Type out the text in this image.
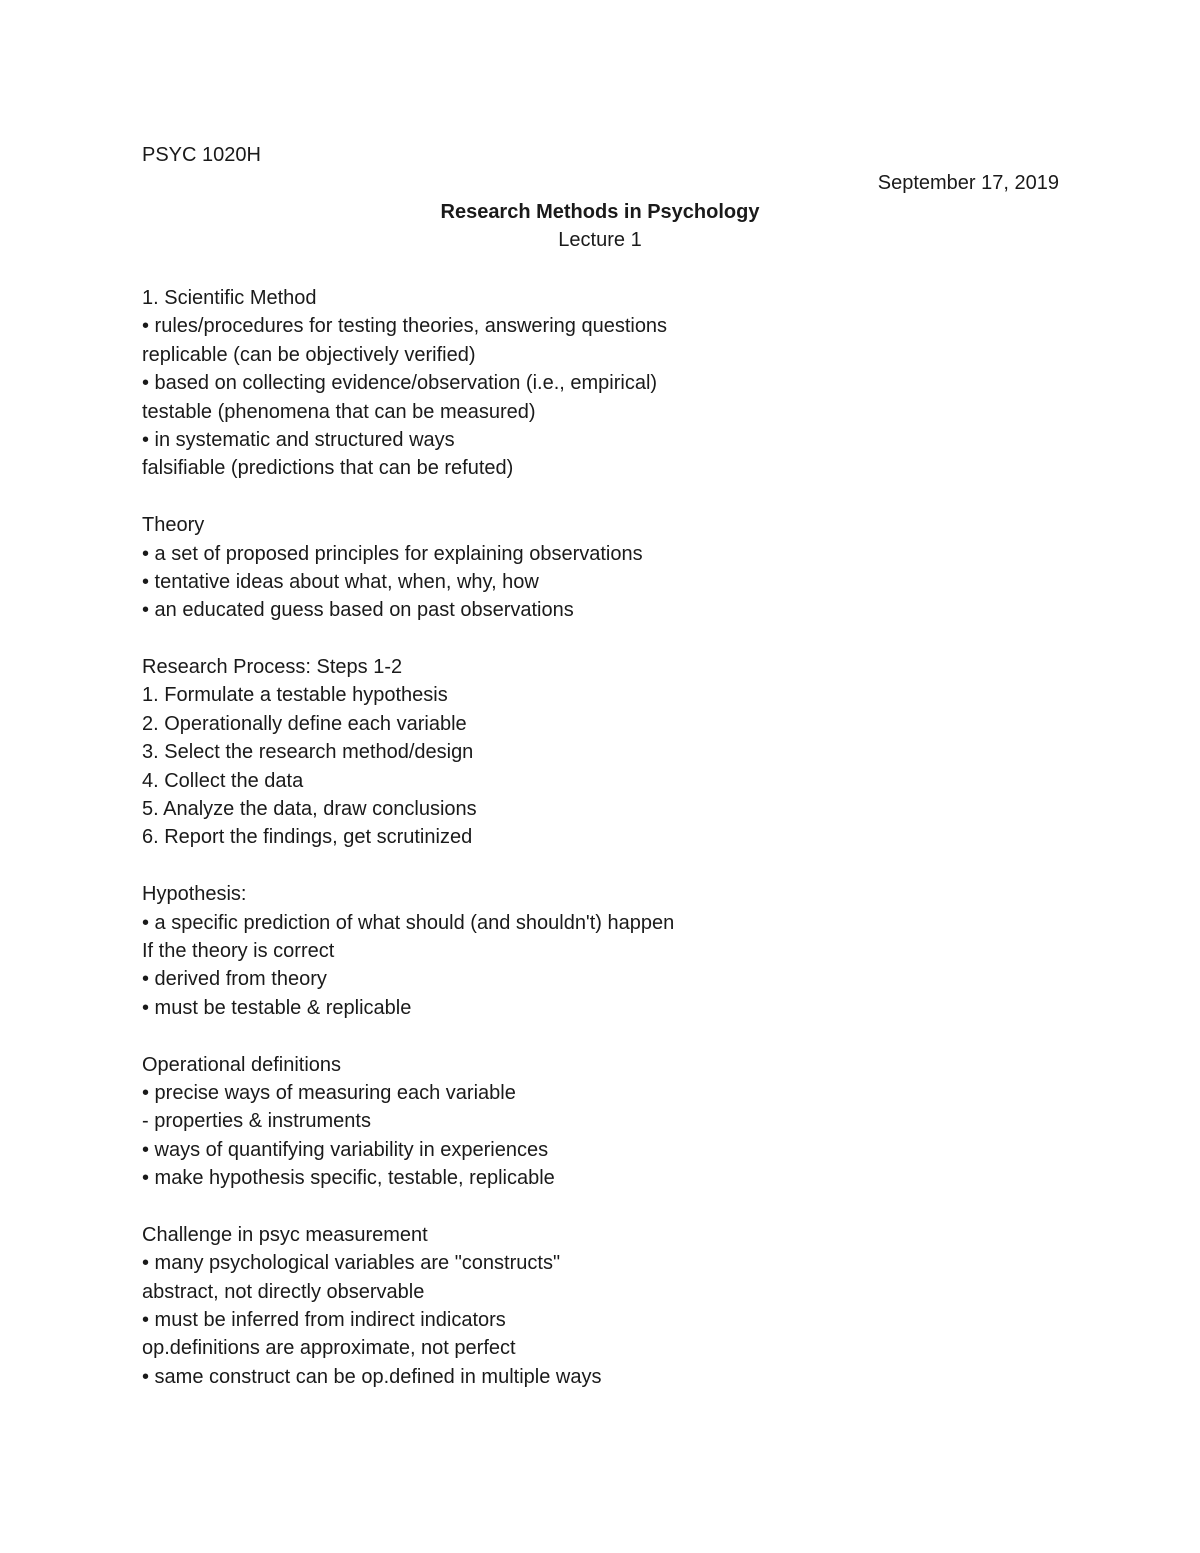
PSYC 1020H
September 17, 2019
Research Methods in Psychology
Lecture 1
1. Scientific Method
• rules/procedures for testing theories, answering questions
replicable (can be objectively verified)
• based on collecting evidence/observation (i.e., empirical)
testable (phenomena that can be measured)
• in systematic and structured ways
falsifiable (predictions that can be refuted)
Theory
• a set of proposed principles for explaining observations
• tentative ideas about what, when, why, how
• an educated guess based on past observations
Research Process: Steps 1-2
1. Formulate a testable hypothesis
2. Operationally define each variable
3. Select the research method/design
4. Collect the data
5. Analyze the data, draw conclusions
6. Report the findings, get scrutinized
Hypothesis:
• a specific prediction of what should (and shouldn't) happen
If the theory is correct
• derived from theory
• must be testable & replicable
Operational definitions
• precise ways of measuring each variable
- properties & instruments
• ways of quantifying variability in experiences
• make hypothesis specific, testable, replicable
Challenge in psyc measurement
• many psychological variables are "constructs"
abstract, not directly observable
• must be inferred from indirect indicators
op.definitions are approximate, not perfect
• same construct can be op.defined in multiple ways
